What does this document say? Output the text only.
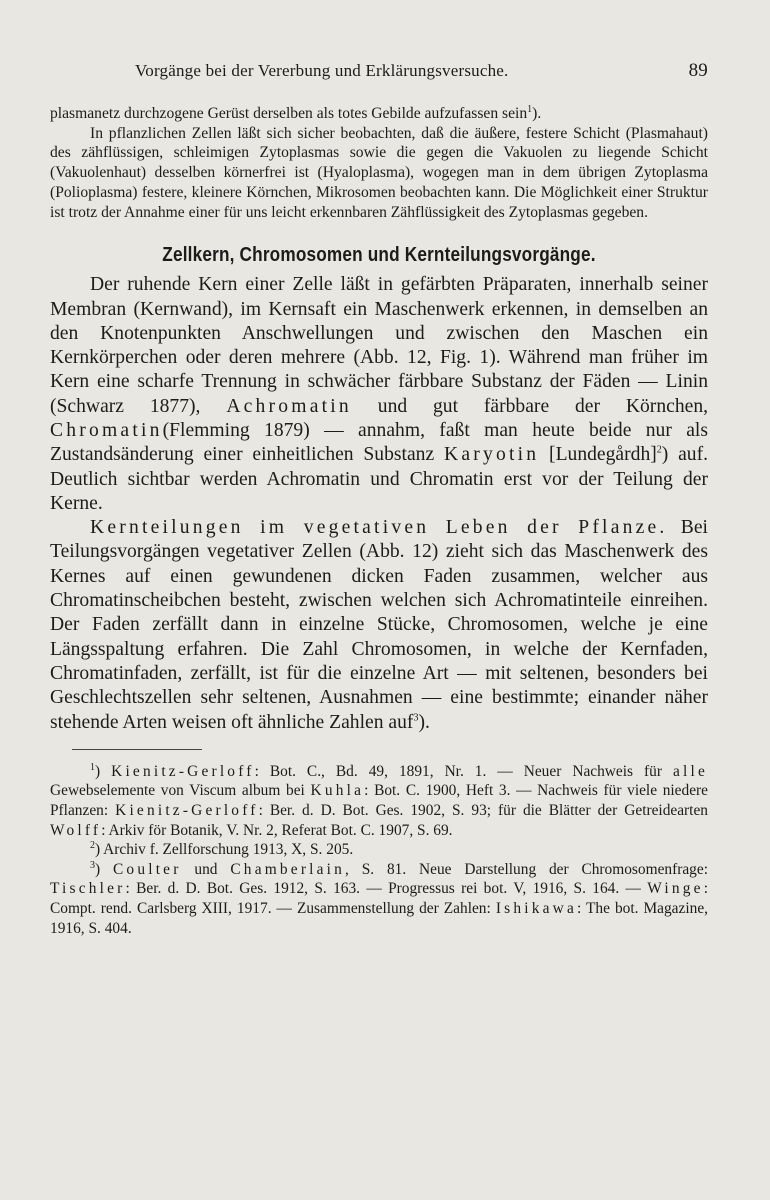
Vorgänge bei der Vererbung und Erklärungsversuche.	89

plasmanetz durchzogene Gerüst derselben als totes Gebilde aufzufassen sein$^1$).

In pflanzlichen Zellen läßt sich sicher beobachten, daß die äußere, festere Schicht (Plasmahaut) des zähflüssigen, schleimigen Zytoplasmas sowie die gegen die Vakuolen zu liegende Schicht (Vakuolenhaut) desselben körnerfrei ist (Hyaloplasma), wogegen man in dem übrigen Zytoplasma (Polioplasma) festere, kleinere Körnchen, Mikrosomen beobachten kann. Die Möglichkeit einer Struktur ist trotz der Annahme einer für uns leicht erkennbaren Zähflüssigkeit des Zytoplasmas gegeben.

Zellkern, Chromosomen und Kernteilungsvorgänge.

Der ruhende Kern einer Zelle läßt in gefärbten Präparaten, innerhalb seiner Membran (Kernwand), im Kernsaft ein Maschenwerk erkennen, in demselben an den Knotenpunkten Anschwellungen und zwischen den Maschen ein Kernkörperchen oder deren mehrere (Abb. 12, Fig. 1). Während man früher im Kern eine scharfe Trennung in schwächer färbbare Substanz der Fäden — Linin (Schwarz 1877), Achromatin und gut färbbare der Körnchen, Chromatin(Flemming 1879) — annahm, faßt man heute beide nur als Zustandsänderung einer einheitlichen Substanz Karyotin [Lundegårdh]$^2$) auf. Deutlich sichtbar werden Achromatin und Chromatin erst vor der Teilung der Kerne.

Kernteilungen im vegetativen Leben der Pflanze. Bei Teilungsvorgängen vegetativer Zellen (Abb. 12) zieht sich das Maschenwerk des Kernes auf einen gewundenen dicken Faden zusammen, welcher aus Chromatinscheibchen besteht, zwischen welchen sich Achromatinteile einreihen. Der Faden zerfällt dann in einzelne Stücke, Chromosomen, welche je eine Längsspaltung erfahren. Die Zahl Chromosomen, in welche der Kernfaden, Chromatinfaden, zerfällt, ist für die einzelne Art — mit seltenen, besonders bei Geschlechtszellen sehr seltenen, Ausnahmen — eine bestimmte; einander näher stehende Arten weisen oft ähnliche Zahlen auf$^3$).

$^1$) Kienitz-Gerloff: Bot. C., Bd. 49, 1891, Nr. 1. — Neuer Nachweis für alle Gewebselemente von Viscum album bei Kuhla: Bot. C. 1900, Heft 3. — Nachweis für viele niedere Pflanzen: Kienitz-Gerloff: Ber. d. D. Bot. Ges. 1902, S. 93; für die Blätter der Getreidearten Wolff: Arkiv för Botanik, V. Nr. 2, Referat Bot. C. 1907, S. 69.

$^2$) Archiv f. Zellforschung 1913, X, S. 205.

$^3$) Coulter und Chamberlain, S. 81. Neue Darstellung der Chromosomenfrage: Tischler: Ber. d. D. Bot. Ges. 1912, S. 163. — Progressus rei bot. V, 1916, S. 164. — Winge: Compt. rend. Carlsberg XIII, 1917. — Zusammenstellung der Zahlen: Ishikawa: The bot. Magazine, 1916, S. 404.
